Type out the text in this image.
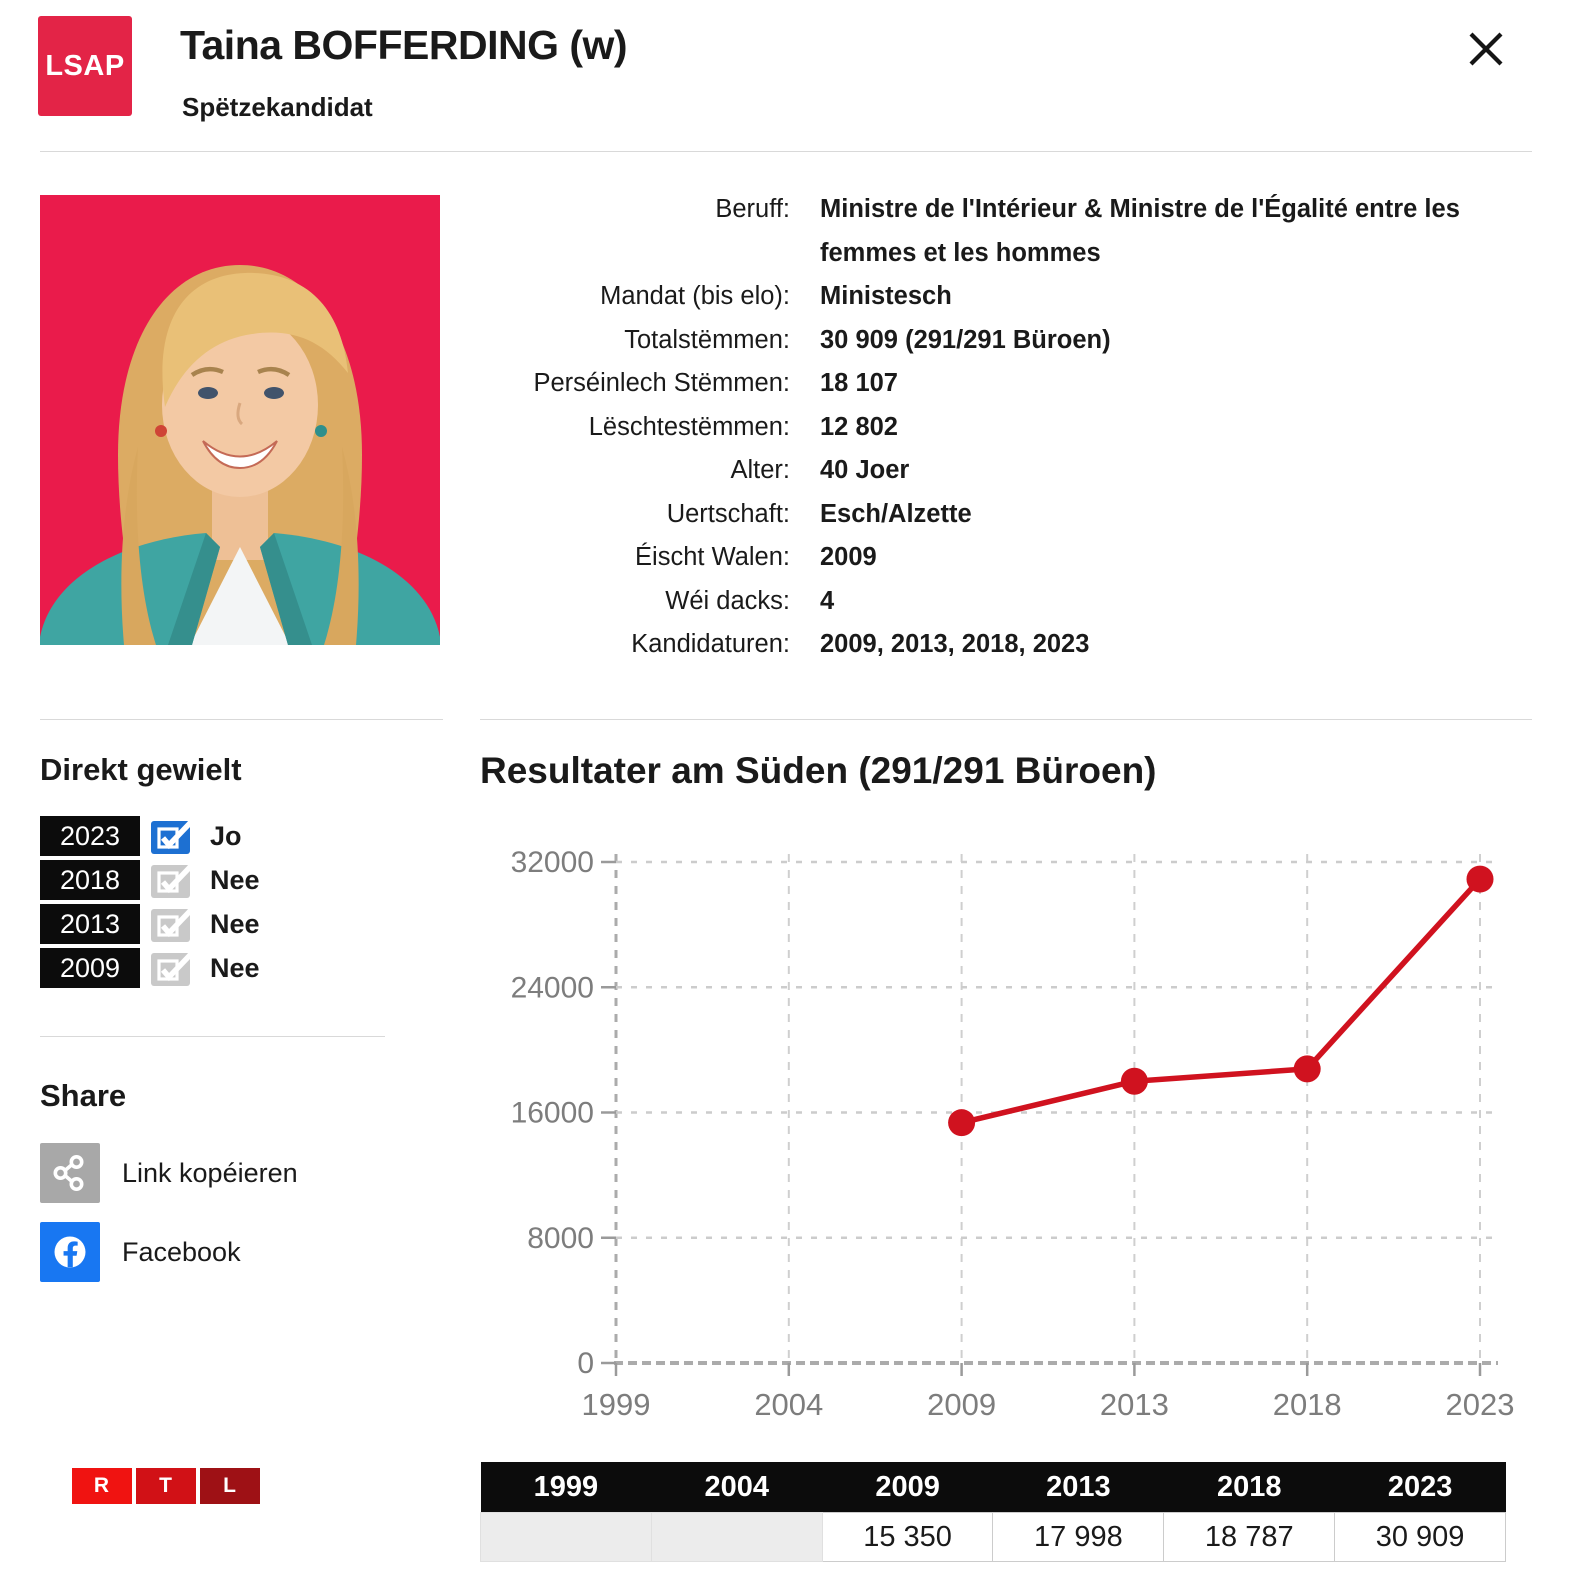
LSAP Taina BOFFERDING (w)
Spëtzekandidat
Beruff: Ministre de l'Intérieur & Ministre de l'Égalité entre les femmes et les hommes
Mandat (bis elo): Ministesch
Totalstëmmen: 30 909 (291/291 Büroen)
Perséinlech Stëmmen: 18 107
Lëschtestëmmen: 12 802
Alter: 40 Joer
Uertschaft: Esch/Alzette
Éischt Walen: 2009
Wéi dacks: 4
Kandidaturen: 2009, 2013, 2018, 2023
Direkt gewielt
2023	Jo
2018	Nee
2013	Nee
2009	Nee
Share
Link kopéieren
Facebook
Resultater am Süden (291/291 Büroen)
0
8000
16000
24000
32000
1999	2004	2009	2013	2018	2023
1999	2004	2009	2013	2018	2023
		15 350	17 998	18 787	30 909
R	T	L
